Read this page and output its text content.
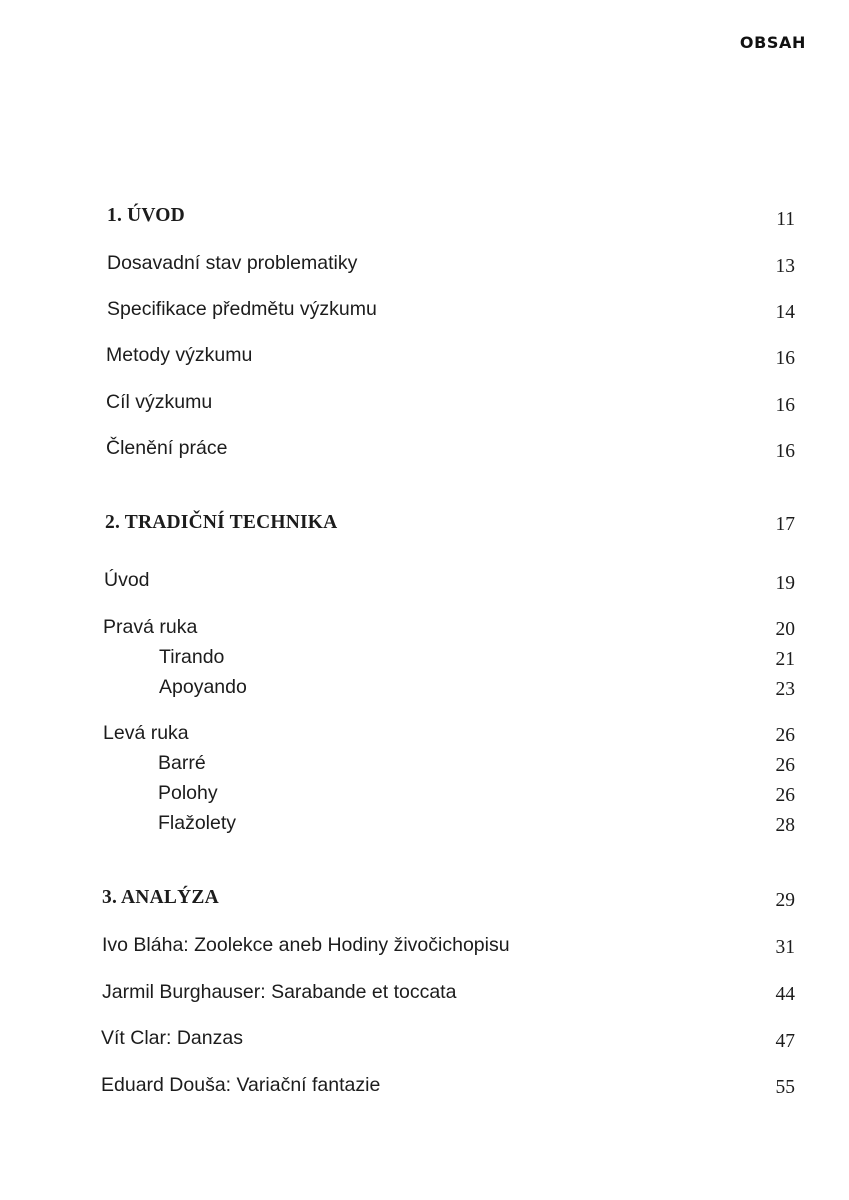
OBSAH
1. ÚVOD	11
Dosavadní stav problematiky	13
Specifikace předmětu výzkumu	14
Metody výzkumu	16
Cíl výzkumu	16
Členění práce	16
2. TRADIČNÍ TECHNIKA	17
Úvod	19
Pravá ruka	20
Tirando	21
Apoyando	23
Levá ruka	26
Barré	26
Polohy	26
Flažolety	28
3. ANALÝZA	29
Ivo Bláha: Zoolekce aneb Hodiny živočichopisu	31
Jarmil Burghauser: Sarabande et toccata	44
Vít Clar: Danzas	47
Eduard Douša: Variační fantazie	55
